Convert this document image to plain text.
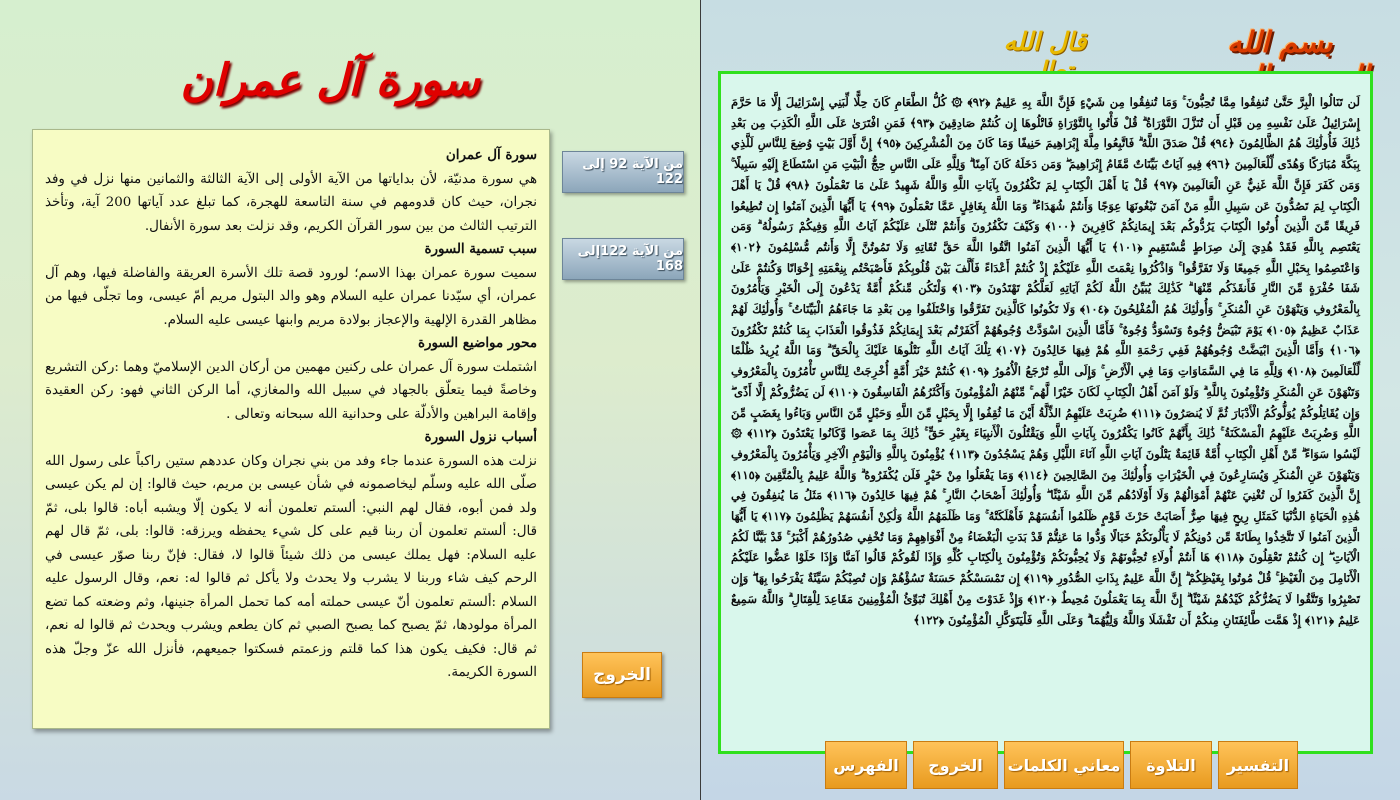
سورة آل عمران
سورة آل عمران
هي سورة مدنيّة، لأن بداياتها من الآية الأولى إلى الآية الثالثة والثمانين منها نزل في وفد نجران، حيث كان قدومهم في سنة التاسعة للهجرة، كما تبلغ عدد آياتها 200 آية، وتأخذ الترتيب الثالث من بين سور القرآن الكريم، وقد نزلت بعد سورة الأنفال.
سبب تسمية السورة
سميت سورة عمران بهذا الاسم؛ لورود قصة تلك الأسرة العريقة والفاضلة فيها، وهم آل عمران، أي سيّدنا عمران عليه السلام وهو والد البتول مريم أمّ عيسى، وما تجلّى فيها من مظاهر القدرة الإلهية والإعجاز بولادة مريم وابنها عيسى عليه السلام.
محور مواضيع السورة
اشتملت سورة آل عمران على ركنين مهمين من أركان الدين الإسلاميّ وهما :ركن التشريع وخاصةً فيما يتعلّق بالجهاد في سبيل الله والمغازي، أما الركن الثاني فهو: ركن العقيدة وإقامة البراهين والأدلّة على وحدانية الله سبحانه وتعالى .
أسباب نزول السورة
نزلت هذه السورة عندما جاء وفد من بني نجران وكان عددهم ستين راكباً على رسول الله صلّى الله عليه وسلّم ليخاصمونه في شأن عيسى بن مريم، حيث قالوا: إن لم يكن عيسى ولد فمن أبوه، فقال لهم النبي: ألستم تعلمون أنه لا يكون إلّا ويشبه أباه: قالوا بلى، ثمّ قال: ألستم تعلمون أن ربنا قيم على كل شيء يحفظه ويرزقه: قالوا: بلى، ثمّ قال لهم عليه السلام: فهل يملك عيسى من ذلك شيئاً قالوا لا، فقال: فإنّ ربنا صوّر عيسى في الرحم كيف شاء وربنا لا يشرب ولا يحدث ولا يأكل ثم قالوا له: نعم، وقال الرسول عليه السلام :ألستم تعلمون أنّ عيسى حملته أمه كما تحمل المرأة جنينها، وثم وضعته كما تضع المرأة مولودها، ثمّ يصبح كما يصبح الصبي ثم كان يطعم ويشرب ويحدث ثم قالوا له نعم، ثم قال: فكيف يكون هذا كما قلتم وزعمتم فسكتوا جميعهم، فأنزل الله عزّ وجلّ هذه السورة الكريمة.
من الآية 92 إلى 122
من الآية 122إلى 168
الخروج
بسم الله
قال الله
لَن تَنَالُوا الْبِرَّ حَتَّىٰ تُنفِقُوا مِمَّا تُحِبُّونَ ۚ وَمَا تُنفِقُوا مِن شَيْءٍ فَإِنَّ اللَّهَ بِهِ عَلِيمٌ ﴿٩٢﴾ ۞ كُلُّ الطَّعَامِ كَانَ حِلًّا لِّبَنِي إِسْرَائِيلَ إِلَّا مَا حَرَّمَ إِسْرَائِيلُ عَلَىٰ نَفْسِهِ مِن قَبْلِ أَن تُنَزَّلَ التَّوْرَاةُ ۗ قُلْ فَأْتُوا بِالتَّوْرَاةِ فَاتْلُوهَا إِن كُنتُمْ صَادِقِينَ ﴿٩٣﴾ فَمَنِ افْتَرَىٰ عَلَى اللَّهِ الْكَذِبَ مِن بَعْدِ ذَٰلِكَ فَأُولَٰئِكَ هُمُ الظَّالِمُونَ ﴿٩٤﴾ قُلْ صَدَقَ اللَّهُ ۗ فَاتَّبِعُوا مِلَّةَ إِبْرَاهِيمَ حَنِيفًا وَمَا كَانَ مِنَ الْمُشْرِكِينَ ﴿٩٥﴾ إِنَّ أَوَّلَ بَيْتٍ وُضِعَ لِلنَّاسِ لَلَّذِي بِبَكَّةَ مُبَارَكًا وَهُدًى لِّلْعَالَمِينَ ﴿٩٦﴾ فِيهِ آيَاتٌ بَيِّنَاتٌ مَّقَامُ إِبْرَاهِيمَ ۖ وَمَن دَخَلَهُ كَانَ آمِنًا ۗ وَلِلَّهِ عَلَى النَّاسِ حِجُّ الْبَيْتِ مَنِ اسْتَطَاعَ إِلَيْهِ سَبِيلًا ۚ وَمَن كَفَرَ فَإِنَّ اللَّهَ غَنِيٌّ عَنِ الْعَالَمِينَ ﴿٩٧﴾ قُلْ يَا أَهْلَ الْكِتَابِ لِمَ تَكْفُرُونَ بِآيَاتِ اللَّهِ وَاللَّهُ شَهِيدٌ عَلَىٰ مَا تَعْمَلُونَ ﴿٩٨﴾ قُلْ يَا أَهْلَ الْكِتَابِ لِمَ تَصُدُّونَ عَن سَبِيلِ اللَّهِ مَنْ آمَنَ تَبْغُونَهَا عِوَجًا وَأَنتُمْ شُهَدَاءُ ۗ وَمَا اللَّهُ بِغَافِلٍ عَمَّا تَعْمَلُونَ ﴿٩٩﴾ يَا أَيُّهَا الَّذِينَ آمَنُوا إِن تُطِيعُوا فَرِيقًا مِّنَ الَّذِينَ أُوتُوا الْكِتَابَ يَرُدُّوكُم بَعْدَ إِيمَانِكُمْ كَافِرِينَ ﴿١٠٠﴾ وَكَيْفَ تَكْفُرُونَ وَأَنتُمْ تُتْلَىٰ عَلَيْكُمْ آيَاتُ اللَّهِ وَفِيكُمْ رَسُولُهُ ۗ وَمَن يَعْتَصِم بِاللَّهِ فَقَدْ هُدِيَ إِلَىٰ صِرَاطٍ مُّسْتَقِيمٍ ﴿١٠١﴾ يَا أَيُّهَا الَّذِينَ آمَنُوا اتَّقُوا اللَّهَ حَقَّ تُقَاتِهِ وَلَا تَمُوتُنَّ إِلَّا وَأَنتُم مُّسْلِمُونَ ﴿١٠٢﴾ وَاعْتَصِمُوا بِحَبْلِ اللَّهِ جَمِيعًا وَلَا تَفَرَّقُوا ۚ وَاذْكُرُوا نِعْمَتَ اللَّهِ عَلَيْكُمْ إِذْ كُنتُمْ أَعْدَاءً فَأَلَّفَ بَيْنَ قُلُوبِكُمْ فَأَصْبَحْتُم بِنِعْمَتِهِ إِخْوَانًا وَكُنتُمْ عَلَىٰ شَفَا حُفْرَةٍ مِّنَ النَّارِ فَأَنقَذَكُم مِّنْهَا ۗ كَذَٰلِكَ يُبَيِّنُ اللَّهُ لَكُمْ آيَاتِهِ لَعَلَّكُمْ تَهْتَدُونَ ﴿١٠٣﴾ وَلْتَكُن مِّنكُمْ أُمَّةٌ يَدْعُونَ إِلَى الْخَيْرِ وَيَأْمُرُونَ بِالْمَعْرُوفِ وَيَنْهَوْنَ عَنِ الْمُنكَرِ ۚ وَأُولَٰئِكَ هُمُ الْمُفْلِحُونَ ﴿١٠٤﴾ وَلَا تَكُونُوا كَالَّذِينَ تَفَرَّقُوا وَاخْتَلَفُوا مِن بَعْدِ مَا جَاءَهُمُ الْبَيِّنَاتُ ۚ وَأُولَٰئِكَ لَهُمْ عَذَابٌ عَظِيمٌ ﴿١٠٥﴾ يَوْمَ تَبْيَضُّ وُجُوهٌ وَتَسْوَدُّ وُجُوهٌ ۚ فَأَمَّا الَّذِينَ اسْوَدَّتْ وُجُوهُهُمْ أَكَفَرْتُم بَعْدَ إِيمَانِكُمْ فَذُوقُوا الْعَذَابَ بِمَا كُنتُمْ تَكْفُرُونَ ﴿١٠٦﴾ وَأَمَّا الَّذِينَ ابْيَضَّتْ وُجُوهُهُمْ فَفِي رَحْمَةِ اللَّهِ هُمْ فِيهَا خَالِدُونَ ﴿١٠٧﴾ تِلْكَ آيَاتُ اللَّهِ نَتْلُوهَا عَلَيْكَ بِالْحَقِّ ۗ وَمَا اللَّهُ يُرِيدُ ظُلْمًا لِّلْعَالَمِينَ ﴿١٠٨﴾ وَلِلَّهِ مَا فِي السَّمَاوَاتِ وَمَا فِي الْأَرْضِ ۚ وَإِلَى اللَّهِ تُرْجَعُ الْأُمُورُ ﴿١٠٩﴾ كُنتُمْ خَيْرَ أُمَّةٍ أُخْرِجَتْ لِلنَّاسِ تَأْمُرُونَ بِالْمَعْرُوفِ وَتَنْهَوْنَ عَنِ الْمُنكَرِ وَتُؤْمِنُونَ بِاللَّهِ ۗ وَلَوْ آمَنَ أَهْلُ الْكِتَابِ لَكَانَ خَيْرًا لَّهُم ۚ مِّنْهُمُ الْمُؤْمِنُونَ وَأَكْثَرُهُمُ الْفَاسِقُونَ ﴿١١٠﴾ لَن يَضُرُّوكُمْ إِلَّا أَذًى ۖ وَإِن يُقَاتِلُوكُمْ يُوَلُّوكُمُ الْأَدْبَارَ ثُمَّ لَا يُنصَرُونَ ﴿١١١﴾ ضُرِبَتْ عَلَيْهِمُ الذِّلَّةُ أَيْنَ مَا ثُقِفُوا إِلَّا بِحَبْلٍ مِّنَ اللَّهِ وَحَبْلٍ مِّنَ النَّاسِ وَبَاءُوا بِغَضَبٍ مِّنَ اللَّهِ وَضُرِبَتْ عَلَيْهِمُ الْمَسْكَنَةُ ۚ ذَٰلِكَ بِأَنَّهُمْ كَانُوا يَكْفُرُونَ بِآيَاتِ اللَّهِ وَيَقْتُلُونَ الْأَنبِيَاءَ بِغَيْرِ حَقٍّ ۚ ذَٰلِكَ بِمَا عَصَوا وَّكَانُوا يَعْتَدُونَ ﴿١١٢﴾ ۞ لَيْسُوا سَوَاءً ۗ مِّنْ أَهْلِ الْكِتَابِ أُمَّةٌ قَائِمَةٌ يَتْلُونَ آيَاتِ اللَّهِ آنَاءَ اللَّيْلِ وَهُمْ يَسْجُدُونَ ﴿١١٣﴾ يُؤْمِنُونَ بِاللَّهِ وَالْيَوْمِ الْآخِرِ وَيَأْمُرُونَ بِالْمَعْرُوفِ وَيَنْهَوْنَ عَنِ الْمُنكَرِ وَيُسَارِعُونَ فِي الْخَيْرَاتِ وَأُولَٰئِكَ مِنَ الصَّالِحِينَ ﴿١١٤﴾ وَمَا يَفْعَلُوا مِنْ خَيْرٍ فَلَن يُكْفَرُوهُ ۗ وَاللَّهُ عَلِيمٌ بِالْمُتَّقِينَ ﴿١١٥﴾ إِنَّ الَّذِينَ كَفَرُوا لَن تُغْنِيَ عَنْهُمْ أَمْوَالُهُمْ وَلَا أَوْلَادُهُم مِّنَ اللَّهِ شَيْئًا ۖ وَأُولَٰئِكَ أَصْحَابُ النَّارِ ۚ هُمْ فِيهَا خَالِدُونَ ﴿١١٦﴾ مَثَلُ مَا يُنفِقُونَ فِي هَٰذِهِ الْحَيَاةِ الدُّنْيَا كَمَثَلِ رِيحٍ فِيهَا صِرٌّ أَصَابَتْ حَرْثَ قَوْمٍ ظَلَمُوا أَنفُسَهُمْ فَأَهْلَكَتْهُ ۚ وَمَا ظَلَمَهُمُ اللَّهُ وَلَٰكِنْ أَنفُسَهُمْ يَظْلِمُونَ ﴿١١٧﴾ يَا أَيُّهَا الَّذِينَ آمَنُوا لَا تَتَّخِذُوا بِطَانَةً مِّن دُونِكُمْ لَا يَأْلُونَكُمْ خَبَالًا وَدُّوا مَا عَنِتُّمْ قَدْ بَدَتِ الْبَغْضَاءُ مِنْ أَفْوَاهِهِمْ وَمَا تُخْفِي صُدُورُهُمْ أَكْبَرُ ۚ قَدْ بَيَّنَّا لَكُمُ الْآيَاتِ ۖ إِن كُنتُمْ تَعْقِلُونَ ﴿١١٨﴾ هَا أَنتُمْ أُولَاءِ تُحِبُّونَهُمْ وَلَا يُحِبُّونَكُمْ وَتُؤْمِنُونَ بِالْكِتَابِ كُلِّهِ وَإِذَا لَقُوكُمْ قَالُوا آمَنَّا وَإِذَا خَلَوْا عَضُّوا عَلَيْكُمُ الْأَنَامِلَ مِنَ الْغَيْظِ ۚ قُلْ مُوتُوا بِغَيْظِكُمْ ۗ إِنَّ اللَّهَ عَلِيمٌ بِذَاتِ الصُّدُورِ ﴿١١٩﴾ إِن تَمْسَسْكُمْ حَسَنَةٌ تَسُؤْهُمْ وَإِن تُصِبْكُمْ سَيِّئَةٌ يَفْرَحُوا بِهَا ۖ وَإِن تَصْبِرُوا وَتَتَّقُوا لَا يَضُرُّكُمْ كَيْدُهُمْ شَيْئًا ۗ إِنَّ اللَّهَ بِمَا يَعْمَلُونَ مُحِيطٌ ﴿١٢٠﴾ وَإِذْ غَدَوْتَ مِنْ أَهْلِكَ تُبَوِّئُ الْمُؤْمِنِينَ مَقَاعِدَ لِلْقِتَالِ ۗ وَاللَّهُ سَمِيعٌ عَلِيمٌ ﴿١٢١﴾ إِذْ هَمَّت طَّائِفَتَانِ مِنكُمْ أَن تَفْشَلَا وَاللَّهُ وَلِيُّهُمَا ۗ وَعَلَى اللَّهِ فَلْيَتَوَكَّلِ الْمُؤْمِنُونَ ﴿١٢٢﴾
التفسير
التلاوة
معاني الكلمات
الخروج
الفهرس
